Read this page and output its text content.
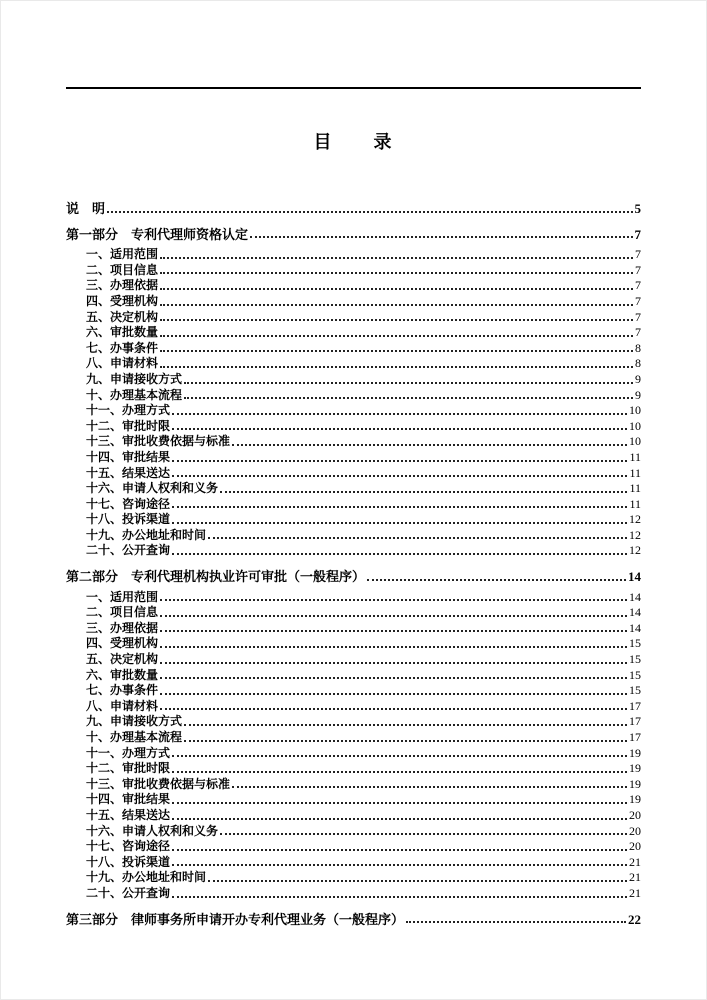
目　　录
说　明	5
第一部分　专利代理师资格认定	7
一、适用范围	7
二、项目信息	7
三、办理依据	7
四、受理机构	7
五、决定机构	7
六、审批数量	7
七、办事条件	8
八、申请材料	8
九、申请接收方式	9
十、办理基本流程	9
十一、办理方式	10
十二、审批时限	10
十三、审批收费依据与标准	10
十四、审批结果	11
十五、结果送达	11
十六、申请人权利和义务	11
十七、咨询途径	11
十八、投诉渠道	12
十九、办公地址和时间	12
二十、公开查询	12
第二部分　专利代理机构执业许可审批（一般程序）	14
一、适用范围	14
二、项目信息	14
三、办理依据	14
四、受理机构	15
五、决定机构	15
六、审批数量	15
七、办事条件	15
八、申请材料	17
九、申请接收方式	17
十、办理基本流程	17
十一、办理方式	19
十二、审批时限	19
十三、审批收费依据与标准	19
十四、审批结果	19
十五、结果送达	20
十六、申请人权利和义务	20
十七、咨询途径	20
十八、投诉渠道	21
十九、办公地址和时间	21
二十、公开查询	21
第三部分　律师事务所申请开办专利代理业务（一般程序）	22
